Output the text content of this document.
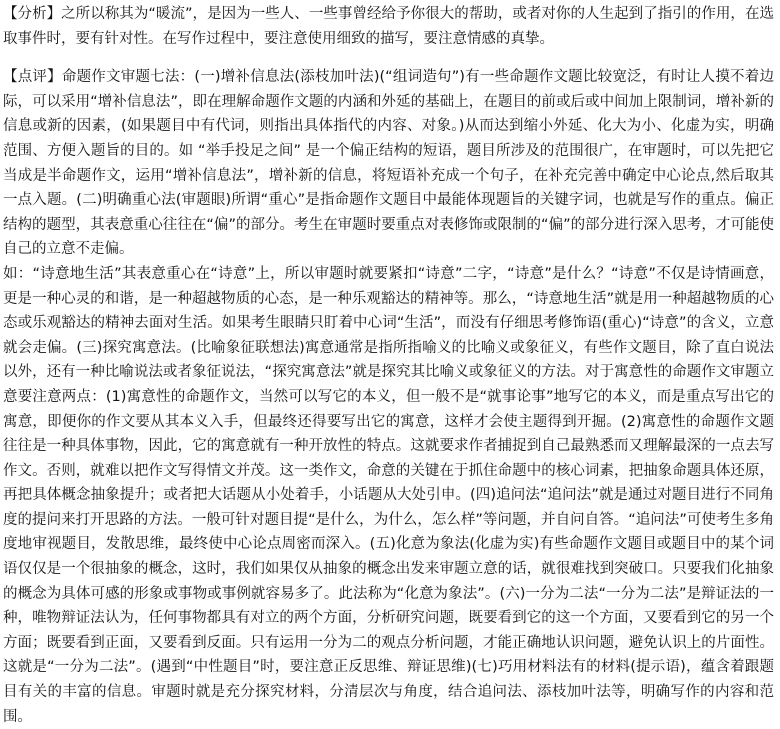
【分析】之所以称其为“暖流”，是因为一些人、一些事曾经给予你很大的帮助，或者对你的人生起到了指引的作用，在选取事件时，要有针对性。在写作过程中，要注意使用细致的描写，要注意情感的真挚。

【点评】命题作文审题七法：(一)增补信息法(添枝加叶法)(“组词造句”)有一些命题作文题比较宽泛，有时让人摸不着边际，可以采用“增补信息法”，即在理解命题作文题的内涵和外延的基础上，在题目的前或后或中间加上限制词，增补新的信息或新的因素，(如果题目中有代词，则指出具体指代的内容、对象。)从而达到缩小外延、化大为小、化虚为实，明确范围、方便入题旨的目的。如 “举手投足之间” 是一个偏正结构的短语，题目所涉及的范围很广，在审题时，可以先把它当成是半命题作文，运用“增补信息法”，增补新的信息，将短语补充成一个句子，在补充完善中确定中心论点,然后取其一点入题。(二)明确重心法(审题眼)所谓“重心”是指命题作文题目中最能体现题旨的关键字词，也就是写作的重点。偏正结构的题型，其表意重心往往在“偏”的部分。考生在审题时要重点对表修饰或限制的“偏”的部分进行深入思考，才可能使自己的立意不走偏。

如：“诗意地生活”其表意重心在“诗意”上，所以审题时就要紧扣“诗意”二字，“诗意”是什么？“诗意”不仅是诗情画意，更是一种心灵的和谐，是一种超越物质的心态，是一种乐观豁达的精神等。那么，“诗意地生活”就是用一种超越物质的心态或乐观豁达的精神去面对生活。如果考生眼睛只盯着中心词“生活”，而没有仔细思考修饰语(重心)“诗意”的含义，立意就会走偏。(三)探究寓意法。(比喻象征联想法)寓意通常是指所指喻义的比喻义或象征义，有些作文题目，除了直白说法以外，还有一种比喻说法或者象征说法，“探究寓意法”就是探究其比喻义或象征义的方法。对于寓意性的命题作文审题立意要注意两点：(1)寓意性的命题作文，当然可以写它的本义，但一般不是“就事论事”地写它的本义，而是重点写出它的寓意，即便你的作文要从其本义入手，但最终还得要写出它的寓意，这样才会使主题得到开掘。(2)寓意性的命题作文题往往是一种具体事物，因此，它的寓意就有一种开放性的特点。这就要求作者捕捉到自己最熟悉而又理解最深的一点去写作文。否则，就难以把作文写得情文并茂。这一类作文，命意的关键在于抓住命题中的核心词素，把抽象命题具体还原，再把具体概念抽象提升；或者把大话题从小处着手，小话题从大处引申。(四)追问法“追问法”就是通过对题目进行不同角度的提问来打开思路的方法。一般可针对题目提“是什么，为什么，怎么样”等问题，并自问自答。“追问法”可使考生多角度地审视题目，发散思维，最终使中心论点周密而深入。(五)化意为象法(化虚为实)有些命题作文题目或题目中的某个词语仅仅是一个很抽象的概念，这时，我们如果仅从抽象的概念出发来审题立意的话，就很难找到突破口。只要我们化抽象的概念为具体可感的形象或事物或事例就容易多了。此法称为“化意为象法”。(六)一分为二法“一分为二法”是辩证法的一种，唯物辩证法认为，任何事物都具有对立的两个方面，分析研究问题，既要看到它的这一个方面，又要看到它的另一个方面；既要看到正面，又要看到反面。只有运用一分为二的观点分析问题，才能正确地认识问题，避免认识上的片面性。这就是“一分为二法”。(遇到“中性题目”时，要注意正反思维、辩证思维)(七)巧用材料法有的材料(提示语)，蕴含着跟题目有关的丰富的信息。审题时就是充分探究材料，分清层次与角度，结合追问法、添枝加叶法等，明确写作的内容和范围。
